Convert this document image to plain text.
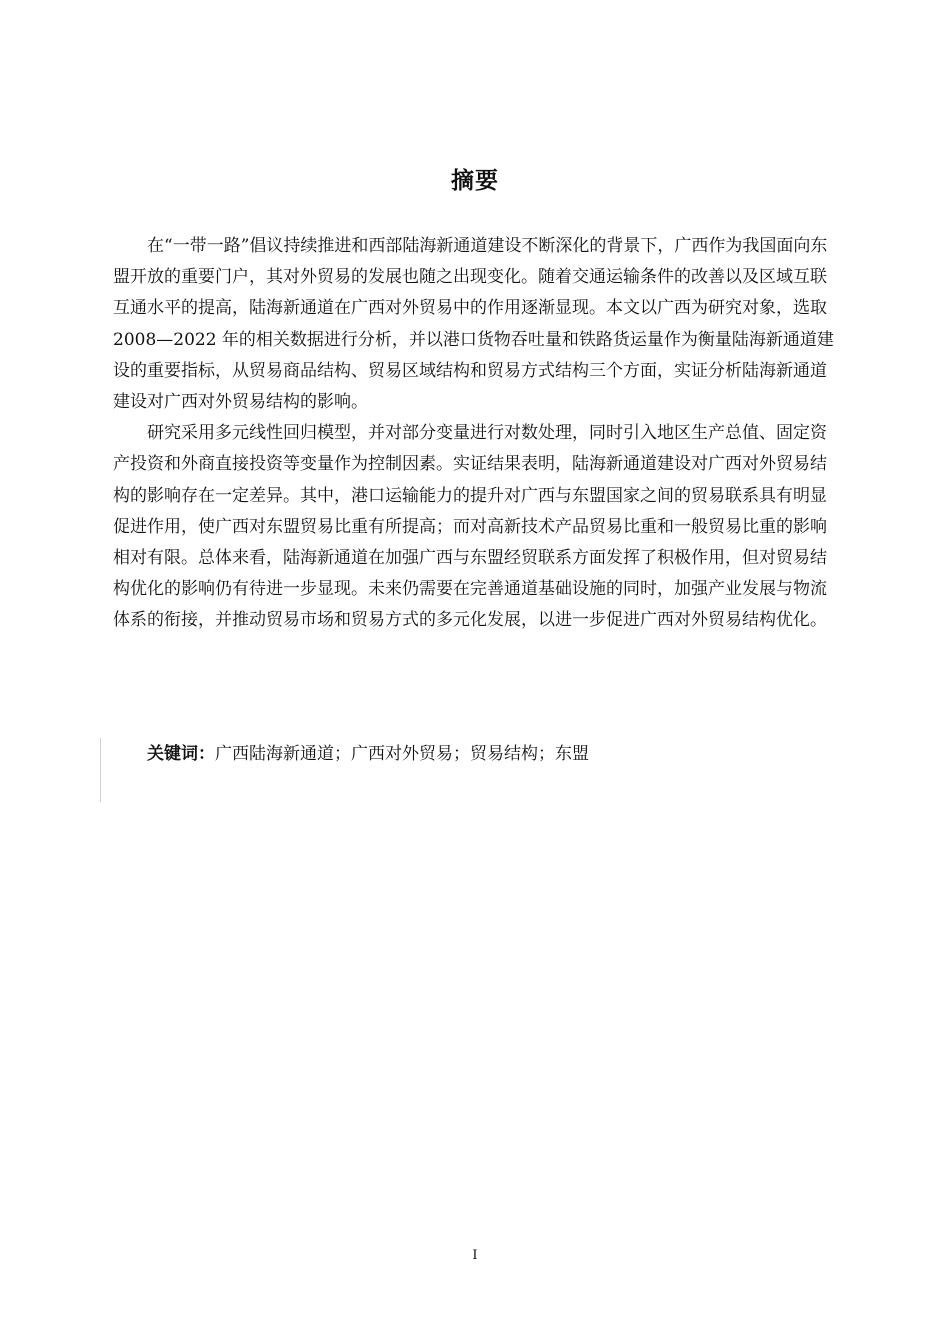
摘要

在“一带一路”倡议持续推进和西部陆海新通道建设不断深化的背景下，广西作为我国面向东盟开放的重要门户，其对外贸易的发展也随之出现变化。随着交通运输条件的改善以及区域互联互通水平的提高，陆海新通道在广西对外贸易中的作用逐渐显现。本文以广西为研究对象，选取 2008—2022 年的相关数据进行分析，并以港口货物吞吐量和铁路货运量作为衡量陆海新通道建设的重要指标，从贸易商品结构、贸易区域结构和贸易方式结构三个方面，实证分析陆海新通道建设对广西对外贸易结构的影响。

研究采用多元线性回归模型，并对部分变量进行对数处理，同时引入地区生产总值、固定资产投资和外商直接投资等变量作为控制因素。实证结果表明，陆海新通道建设对广西对外贸易结构的影响存在一定差异。其中，港口运输能力的提升对广西与东盟国家之间的贸易联系具有明显促进作用，使广西对东盟贸易比重有所提高；而对高新技术产品贸易比重和一般贸易比重的影响相对有限。总体来看，陆海新通道在加强广西与东盟经贸联系方面发挥了积极作用，但对贸易结构优化的影响仍有待进一步显现。未来仍需要在完善通道基础设施的同时，加强产业发展与物流体系的衔接，并推动贸易市场和贸易方式的多元化发展，以进一步促进广西对外贸易结构优化。

关键词：广西陆海新通道；广西对外贸易；贸易结构；东盟
I
